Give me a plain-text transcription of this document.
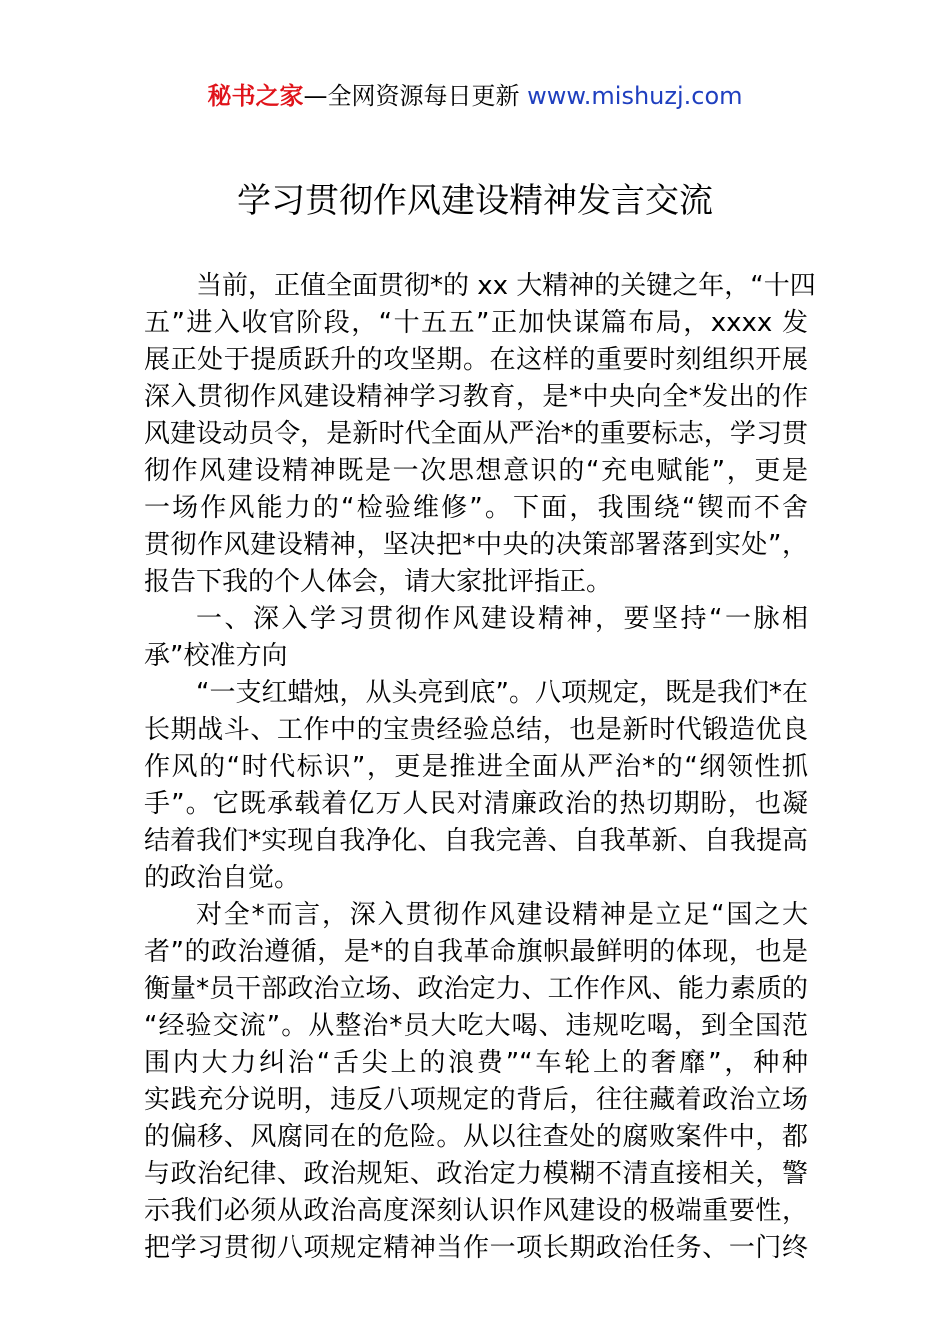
秘书之家—全网资源每日更新 www.mishuzj.com
学习贯彻作风建设精神发言交流
当前，正值全面贯彻*的 xx 大精神的关键之年，“十四
五”进入收官阶段，“十五五”正加快谋篇布局，xxxx 发
展正处于提质跃升的攻坚期。在这样的重要时刻组织开展
深入贯彻作风建设精神学习教育，是*中央向全*发出的作
风建设动员令，是新时代全面从严治*的重要标志，学习贯
彻作风建设精神既是一次思想意识的“充电赋能”，更是
一场作风能力的“检验维修”。下面，我围绕“锲而不舍
贯彻作风建设精神，坚决把*中央的决策部署落到实处”，
报告下我的个人体会，请大家批评指正。
一、深入学习贯彻作风建设精神，要坚持“一脉相
承”校准方向
“一支红蜡烛，从头亮到底”。八项规定，既是我们*在
长期战斗、工作中的宝贵经验总结，也是新时代锻造优良
作风的“时代标识”，更是推进全面从严治*的“纲领性抓
手”。它既承载着亿万人民对清廉政治的热切期盼，也凝
结着我们*实现自我净化、自我完善、自我革新、自我提高
的政治自觉。
对全*而言，深入贯彻作风建设精神是立足“国之大
者”的政治遵循，是*的自我革命旗帜最鲜明的体现，也是
衡量*员干部政治立场、政治定力、工作作风、能力素质的
“经验交流”。从整治*员大吃大喝、违规吃喝，到全国范
围内大力纠治“舌尖上的浪费”“车轮上的奢靡”，种种
实践充分说明，违反八项规定的背后，往往藏着政治立场
的偏移、风腐同在的危险。从以往查处的腐败案件中，都
与政治纪律、政治规矩、政治定力模糊不清直接相关，警
示我们必须从政治高度深刻认识作风建设的极端重要性，
把学习贯彻八项规定精神当作一项长期政治任务、一门终
